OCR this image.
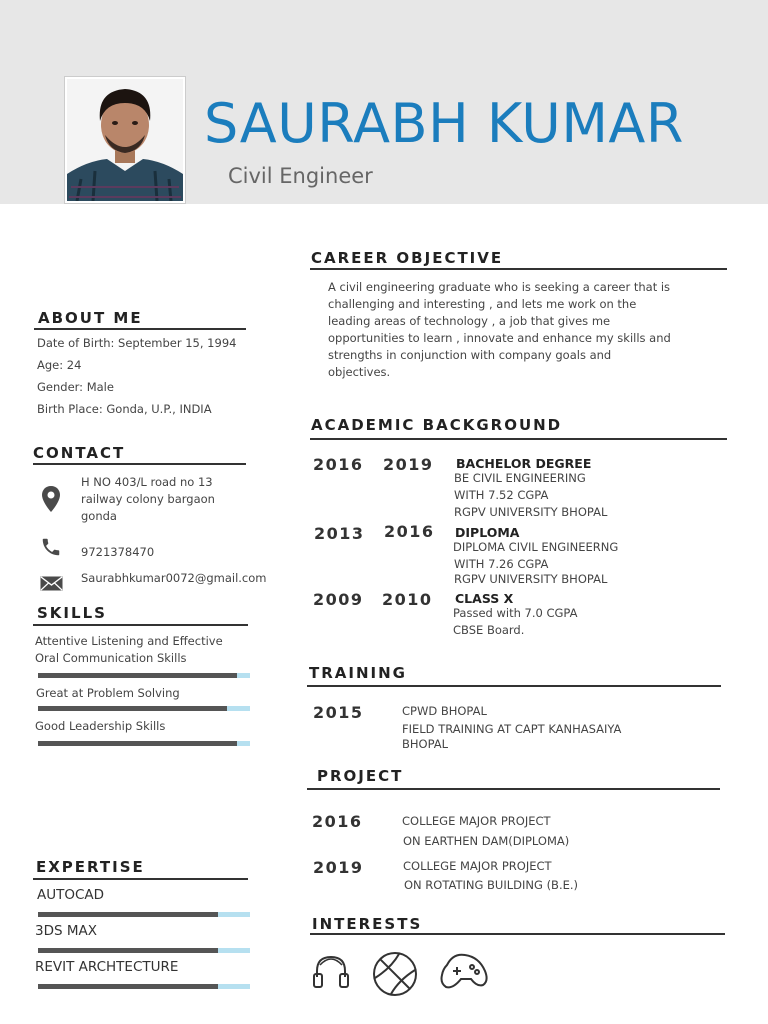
SAURABH KUMAR
Civil Engineer
ABOUT ME
Date of Birth: September 15, 1994
Age: 24
Gender: Male
Birth Place: Gonda, U.P., INDIA
CONTACT
H NO 403/L road no 13
railway colony bargaon
gonda
9721378470
Saurabhkumar0072@gmail.com
SKILLS
Attentive Listening and Effective
Oral Communication Skills
Great at Problem Solving
Good Leadership Skills
EXPERTISE
AUTOCAD
3DS MAX
REVIT ARCHTECTURE
CAREER OBJECTIVE
A civil engineering graduate who is seeking a career that is
challenging and interesting , and lets me work on the
leading areas of technology , a job that gives me
opportunities to learn , innovate and enhance my skills and
strengths in conjunction with company goals and
objectives.
ACADEMIC BACKGROUND
2016 2019 BACHELOR DEGREE
BE CIVIL ENGINEERING
WITH 7.52 CGPA
RGPV UNIVERSITY BHOPAL
2013 2016 DIPLOMA
DIPLOMA CIVIL ENGINEERNG
WITH 7.26 CGPA
RGPV UNIVERSITY BHOPAL
2009 2010 CLASS X
Passed with 7.0 CGPA
CBSE Board.
TRAINING
2015	CPWD BHOPAL
FIELD TRAINING AT CAPT KANHASAIYA
BHOPAL
PROJECT
2016	COLLEGE MAJOR PROJECT
ON EARTHEN DAM(DIPLOMA)
2019	COLLEGE MAJOR PROJECT
ON ROTATING BUILDING (B.E.)
INTERESTS
